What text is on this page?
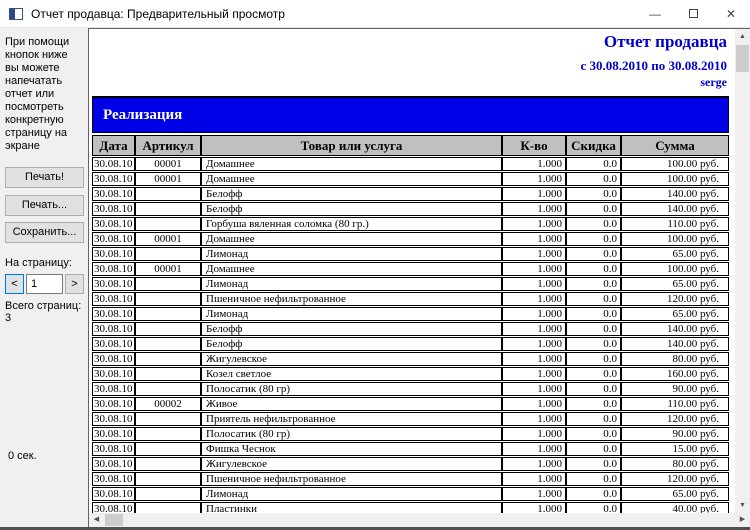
Отчет продавца: Предварительный просмотр	—	✕
При помощи кнопок ниже вы можете напечатать отчет или посмотреть конкретную страницу на экране
Печать!
Печать...
Сохранить...
На страницу:
<
1	>
Всего страниц: 3
0 сек.
Отчет продавца
с 30.08.2010 по 30.08.2010
serge
Реализация
Дата	Артикул	Товар или услуга	К-во	Скидка	Сумма
30.08.10	00001	Домашнее	1.000	0.0	100.00 руб.
30.08.10	00001	Домашнее	1.000	0.0	100.00 руб.
30.08.10		Белофф	1.000	0.0	140.00 руб.
30.08.10		Белофф	1.000	0.0	140.00 руб.
30.08.10		Горбуша вяленная соломка (80 гр.)	1.000	0.0	110.00 руб.
30.08.10	00001	Домашнее	1.000	0.0	100.00 руб.
30.08.10		Лимонад	1.000	0.0	65.00 руб.
30.08.10	00001	Домашнее	1.000	0.0	100.00 руб.
30.08.10		Лимонад	1.000	0.0	65.00 руб.
30.08.10		Пшеничное нефильтрованное	1.000	0.0	120.00 руб.
30.08.10		Лимонад	1.000	0.0	65.00 руб.
30.08.10		Белофф	1.000	0.0	140.00 руб.
30.08.10		Белофф	1.000	0.0	140.00 руб.
30.08.10		Жигулевское	1.000	0.0	80.00 руб.
30.08.10		Козел светлое	1.000	0.0	160.00 руб.
30.08.10		Полосатик (80 гр)	1.000	0.0	90.00 руб.
30.08.10	00002	Живое	1.000	0.0	110.00 руб.
30.08.10		Приятель нефильтрованное	1.000	0.0	120.00 руб.
30.08.10		Полосатик (80 гр)	1.000	0.0	90.00 руб.
30.08.10		Фишка Чеснок	1.000	0.0	15.00 руб.
30.08.10		Жигулевское	1.000	0.0	80.00 руб.
30.08.10		Пшеничное нефильтрованное	1.000	0.0	120.00 руб.
30.08.10		Лимонад	1.000	0.0	65.00 руб.
30.08.10		Пластинки	1.000	0.0	40.00 руб.
▲
▼
◀	▶
